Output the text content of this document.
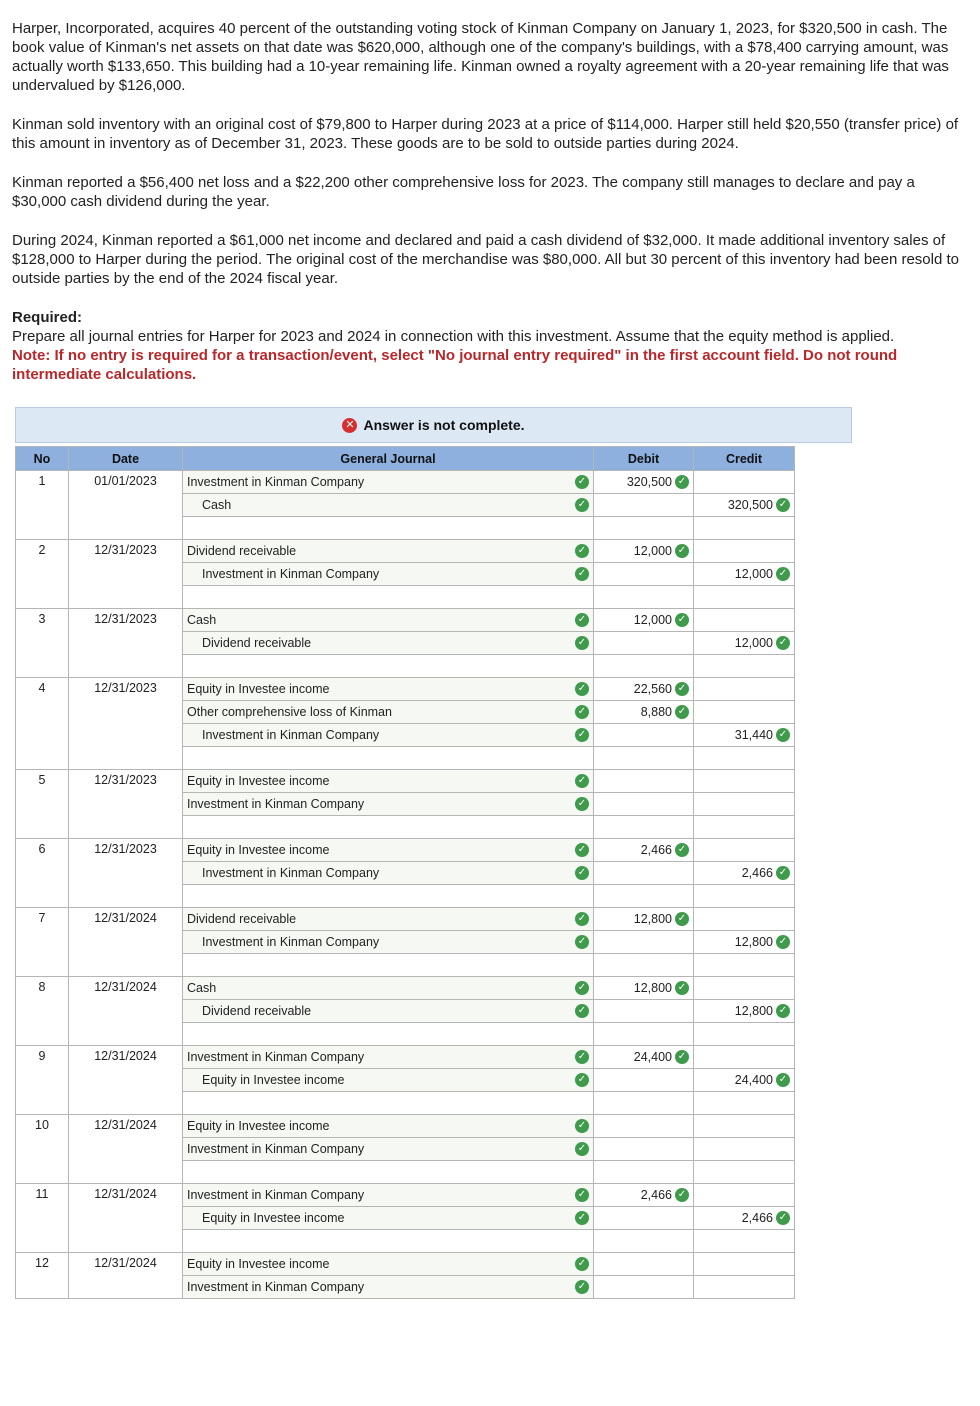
Harper, Incorporated, acquires 40 percent of the outstanding voting stock of Kinman Company on January 1, 2023, for $320,500 in cash. The book value of Kinman's net assets on that date was $620,000, although one of the company's buildings, with a $78,400 carrying amount, was actually worth $133,650. This building had a 10-year remaining life. Kinman owned a royalty agreement with a 20-year remaining life that was undervalued by $126,000.

Kinman sold inventory with an original cost of $79,800 to Harper during 2023 at a price of $114,000. Harper still held $20,550 (transfer price) of this amount in inventory as of December 31, 2023. These goods are to be sold to outside parties during 2024.

Kinman reported a $56,400 net loss and a $22,200 other comprehensive loss for 2023. The company still manages to declare and pay a $30,000 cash dividend during the year.

During 2024, Kinman reported a $61,000 net income and declared and paid a cash dividend of $32,000. It made additional inventory sales of $128,000 to Harper during the period. The original cost of the merchandise was $80,000. All but 30 percent of this inventory had been resold to outside parties by the end of the 2024 fiscal year.

Required:
Prepare all journal entries for Harper for 2023 and 2024 in connection with this investment. Assume that the equity method is applied.
Note: If no entry is required for a transaction/event, select "No journal entry required" in the first account field. Do not round intermediate calculations.
✕ Answer is not complete.
No	Date	General Journal	Debit	Credit
1	01/01/2023	Investment in Kinman Company ✓	320,500 ✓	

		Cash ✓		320,500 ✓

2	12/31/2023	Dividend receivable ✓	12,000 ✓	

		Investment in Kinman Company ✓		12,000 ✓

3	12/31/2023	Cash ✓	12,000 ✓	

		Dividend receivable ✓		12,000 ✓

4	12/31/2023	Equity in Investee income ✓	22,560 ✓	

		Other comprehensive loss of Kinman ✓	8,880 ✓	

		Investment in Kinman Company ✓		31,440 ✓

5	12/31/2023	Equity in Investee income ✓		

		Investment in Kinman Company ✓		

6	12/31/2023	Equity in Investee income ✓	2,466 ✓	

		Investment in Kinman Company ✓		2,466 ✓

7	12/31/2024	Dividend receivable ✓	12,800 ✓	

		Investment in Kinman Company ✓		12,800 ✓

8	12/31/2024	Cash ✓	12,800 ✓	

		Dividend receivable ✓		12,800 ✓

9	12/31/2024	Investment in Kinman Company ✓	24,400 ✓	

		Equity in Investee income ✓		24,400 ✓

10	12/31/2024	Equity in Investee income ✓		

		Investment in Kinman Company ✓		

11	12/31/2024	Investment in Kinman Company ✓	2,466 ✓	

		Equity in Investee income ✓		2,466 ✓

12	12/31/2024	Equity in Investee income ✓		

		Investment in Kinman Company ✓		
